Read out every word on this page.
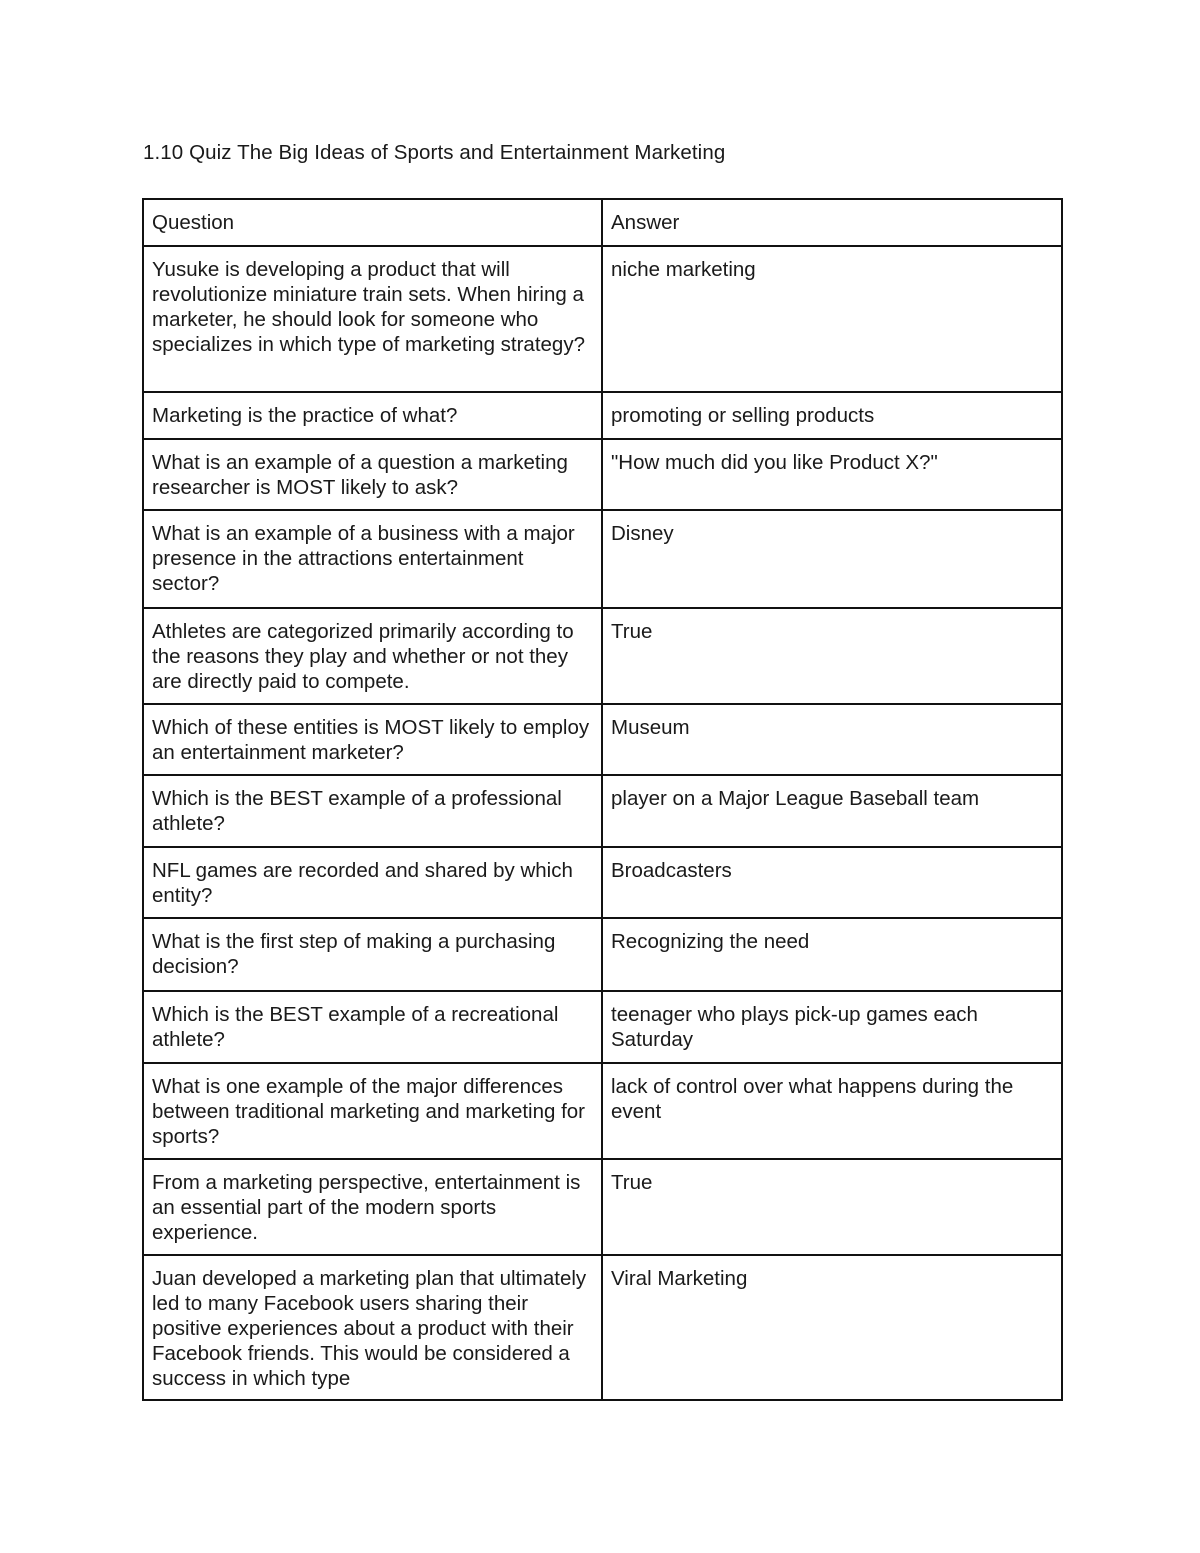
1.10 Quiz The Big Ideas of Sports and Entertainment Marketing
Question	Answer
Yusuke is developing a product that will revolutionize miniature train sets. When hiring a marketer, he should look for someone who specializes in which type of marketing strategy?	niche marketing
Marketing is the practice of what?	promoting or selling products
What is an example of a question a marketing researcher is MOST likely to ask?	"How much did you like Product X?"
What is an example of a business with a major presence in the attractions entertainment sector?	Disney
Athletes are categorized primarily according to the reasons they play and whether or not they are directly paid to compete.	True
Which of these entities is MOST likely to employ an entertainment marketer?	Museum
Which is the BEST example of a professional athlete?	player on a Major League Baseball team
NFL games are recorded and shared by which entity?	Broadcasters
What is the first step of making a purchasing decision?	Recognizing the need
Which is the BEST example of a recreational athlete?	teenager who plays pick-up games each Saturday
What is one example of the major differences between traditional marketing and marketing for sports?	lack of control over what happens during the event
From a marketing perspective, entertainment is an essential part of the modern sports experience.	True
Juan developed a marketing plan that ultimately led to many Facebook users sharing their positive experiences about a product with their Facebook friends. This would be considered a success in which type	Viral Marketing
